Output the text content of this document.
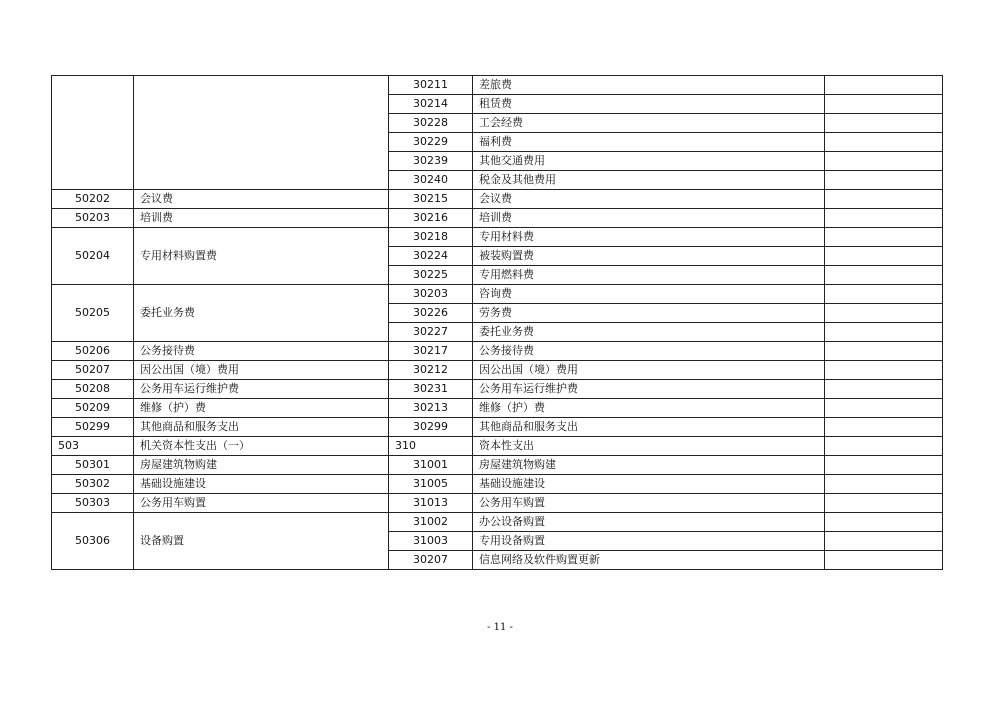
		30211	差旅费	
		30214	租赁费	
		30228	工会经费	
		30229	福利费	
		30239	其他交通费用	
		30240	税金及其他费用	
50202	会议费	30215	会议费	
50203	培训费	30216	培训费	
50204	专用材料购置费	30218	专用材料费	
		30224	被装购置费	
		30225	专用燃料费	
50205	委托业务费	30203	咨询费	
		30226	劳务费	
		30227	委托业务费	
50206	公务接待费	30217	公务接待费	
50207	因公出国（境）费用	30212	因公出国（境）费用	
50208	公务用车运行维护费	30231	公务用车运行维护费	
50209	维修（护）费	30213	维修（护）费	
50299	其他商品和服务支出	30299	其他商品和服务支出	
503	机关资本性支出（一）	310	资本性支出	
50301	房屋建筑物购建	31001	房屋建筑物购建	
50302	基础设施建设	31005	基础设施建设	
50303	公务用车购置	31013	公务用车购置	
50306	设备购置	31002	办公设备购置	
		31003	专用设备购置	
		30207	信息网络及软件购置更新	
- 11 -
